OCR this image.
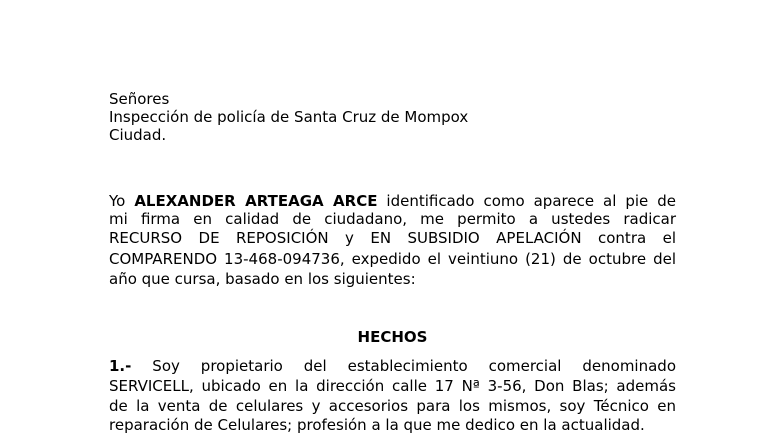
Señores
Inspección de policía de Santa Cruz de Mompox
Ciudad.
Yo ALEXANDER ARTEAGA ARCE identificado como aparece al pie de
mi firma en calidad de ciudadano, me permito a ustedes radicar
RECURSO DE REPOSICIÓN y EN SUBSIDIO APELACIÓN contra el
COMPARENDO 13-468-094736, expedido el veintiuno (21) de octubre del
año que cursa, basado en los siguientes:
HECHOS
1.- Soy propietario del establecimiento comercial denominado
SERVICELL, ubicado en la dirección calle 17 Nª 3-56, Don Blas; además
de la venta de celulares y accesorios para los mismos, soy Técnico en
reparación de Celulares; profesión a la que me dedico en la actualidad.
